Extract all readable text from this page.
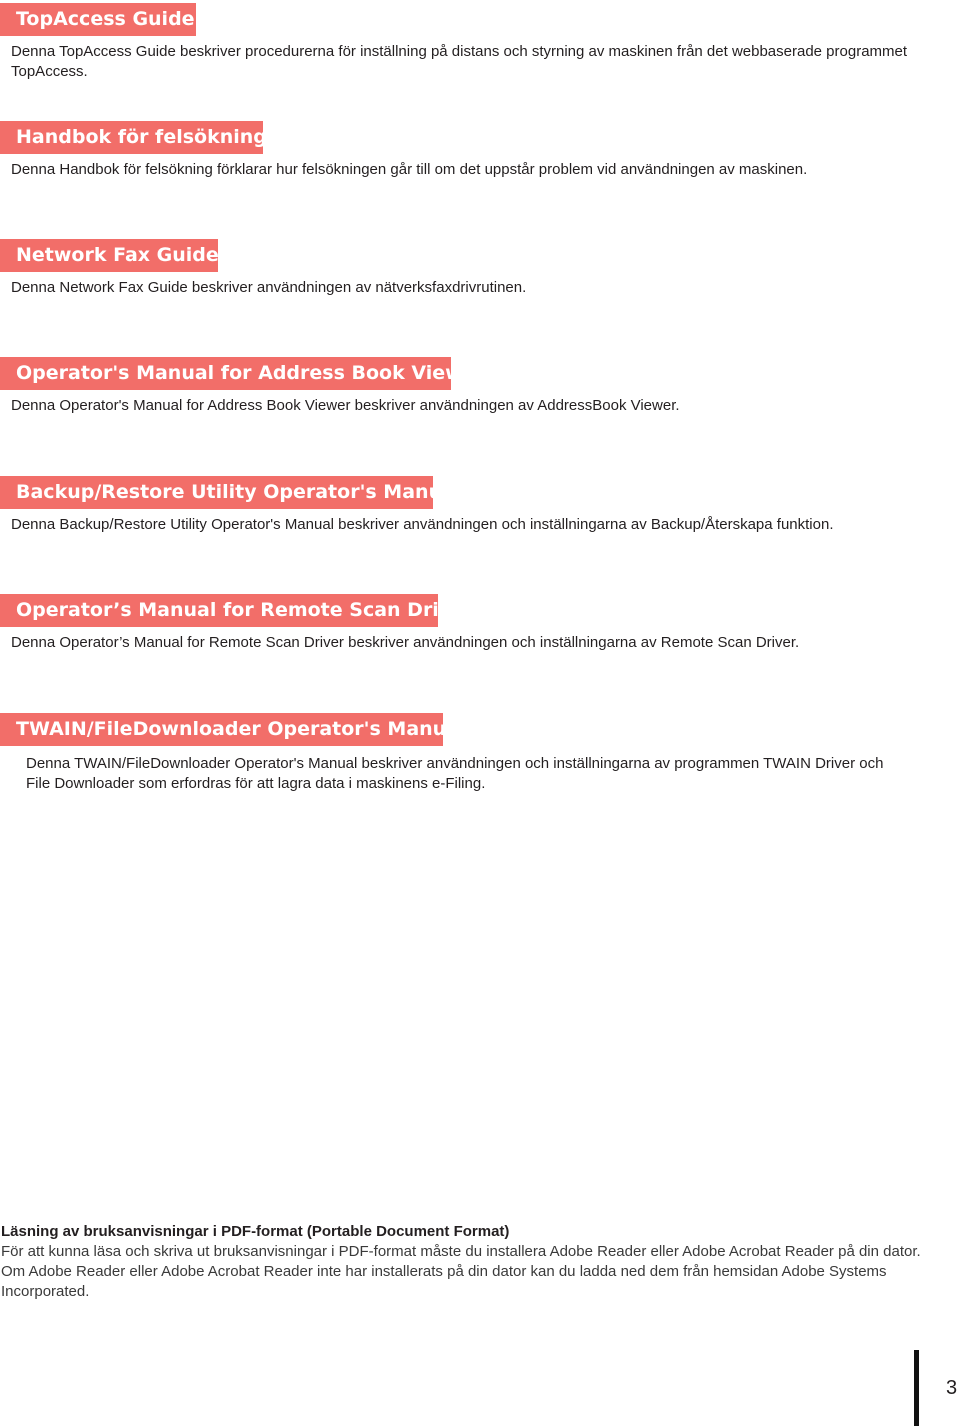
TopAccess Guide
Denna TopAccess Guide beskriver procedurerna för inställning på distans och styrning av maskinen från det webbaserade programmet TopAccess.
Handbok för felsökning
Denna Handbok för felsökning förklarar hur felsökningen går till om det uppstår problem vid användningen av maskinen.
Network Fax Guide
Denna Network Fax Guide beskriver användningen av nätverksfaxdrivrutinen.
Operator's Manual for Address Book Viewer
Denna Operator's Manual for Address Book Viewer beskriver användningen av AddressBook Viewer.
Backup/Restore Utility Operator's Manual
Denna Backup/Restore Utility Operator's Manual beskriver användningen och inställningarna av Backup/Återskapa funktion.
Operator’s Manual for Remote Scan Driver
Denna Operator’s Manual for Remote Scan Driver beskriver användningen och inställningarna av Remote Scan Driver.
TWAIN/FileDownloader Operator's Manual
Denna TWAIN/FileDownloader Operator's Manual beskriver användningen och inställningarna av programmen TWAIN Driver och File Downloader som erfordras för att lagra data i maskinens e-Filing.
Läsning av bruksanvisningar i PDF-format (Portable Document Format)
För att kunna läsa och skriva ut bruksanvisningar i PDF-format måste du installera Adobe Reader eller Adobe Acrobat Reader på din dator. Om Adobe Reader eller Adobe Acrobat Reader inte har installerats på din dator kan du ladda ned dem från hemsidan Adobe Systems Incorporated.
3
